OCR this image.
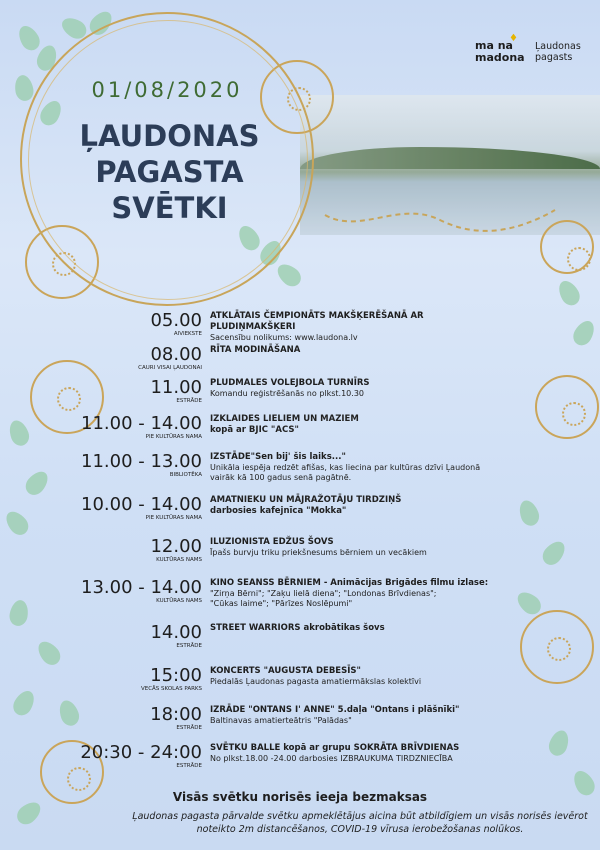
01/08/2020
ĻAUDONAS
PAGASTA SVĒTKI
♦
ma na
madona
Ļaudonas
pagasts
05.00
AIVIEKSTE
ATKLĀTAIS ČEMPIONĀTS MAKŠĶERĒŠANĀ AR PLUDIŅMAKŠĶERI
Sacensību nolikums: www.laudona.lv
08.00
CAURI VISAI ĻAUDONAI
RĪTA MODINĀŠANA
11.00
ESTRĀDE
PLUDMALES VOLEJBOLA TURNĪRS
Komandu reģistrēšanās no plkst.10.30
11.00 - 14.00
PIE KULTŪRAS NAMA
IZKLAIDES LIELIEM UN MAZIEM
kopā ar BJIC "ACS"
11.00 - 13.00
BIBLIOTĒKA
IZSTĀDE"Sen bij' šis laiks..."
Unikāla iespēja redzēt afišas, kas liecina par kultūras dzīvi Ļaudonā
vairāk kā 100 gadus senā pagātnē.
10.00 - 14.00
PIE KULTŪRAS NAMA
AMATNIEKU UN MĀJRAŽOTĀJU TIRDZIŅŠ
darbosies kafejnīca "Mokka"
12.00
KULTŪRAS NAMS
ILUZIONISTA EDŽUS ŠOVS
Īpašs burvju triku priekšnesums bērniem un vecākiem
13.00 - 14.00
KULTŪRAS NAMS
KINO SEANSS BĒRNIEM - Animācijas Brigādes filmu izlase:
"Zirņa Bērni"; "Zaķu lielā diena"; "Londonas Brīvdienas";
"Cūkas laime"; "Pārīzes Noslēpumi"
14.00
ESTRĀDE
STREET WARRIORS akrobātikas šovs
15:00
VECĀS SKOLAS PARKS
KONCERTS "AUGUSTA DEBESĪS"
Piedalās Ļaudonas pagasta amatiermākslas kolektīvi
18:00
ESTRĀDE
IZRĀDE "ONTANS I' ANNE" 5.daļa "Ontans i plāšnīki"
Baltinavas amatierteātris "Palādas"
20:30 - 24:00
ESTRĀDE
SVĒTKU BALLE kopā ar grupu SOKRĀTA BRĪVDIENAS
No plkst.18.00 -24.00 darbosies IZBRAUKUMA TIRDZNIECĪBA
Visās svētku norisēs ieeja bezmaksas
Ļaudonas pagasta pārvalde svētku apmeklētājus aicina būt atbildīgiem un visās norisēs ievērot noteikto 2m distancēšanos, COVID-19 vīrusa ierobežošanas nolūkos.
